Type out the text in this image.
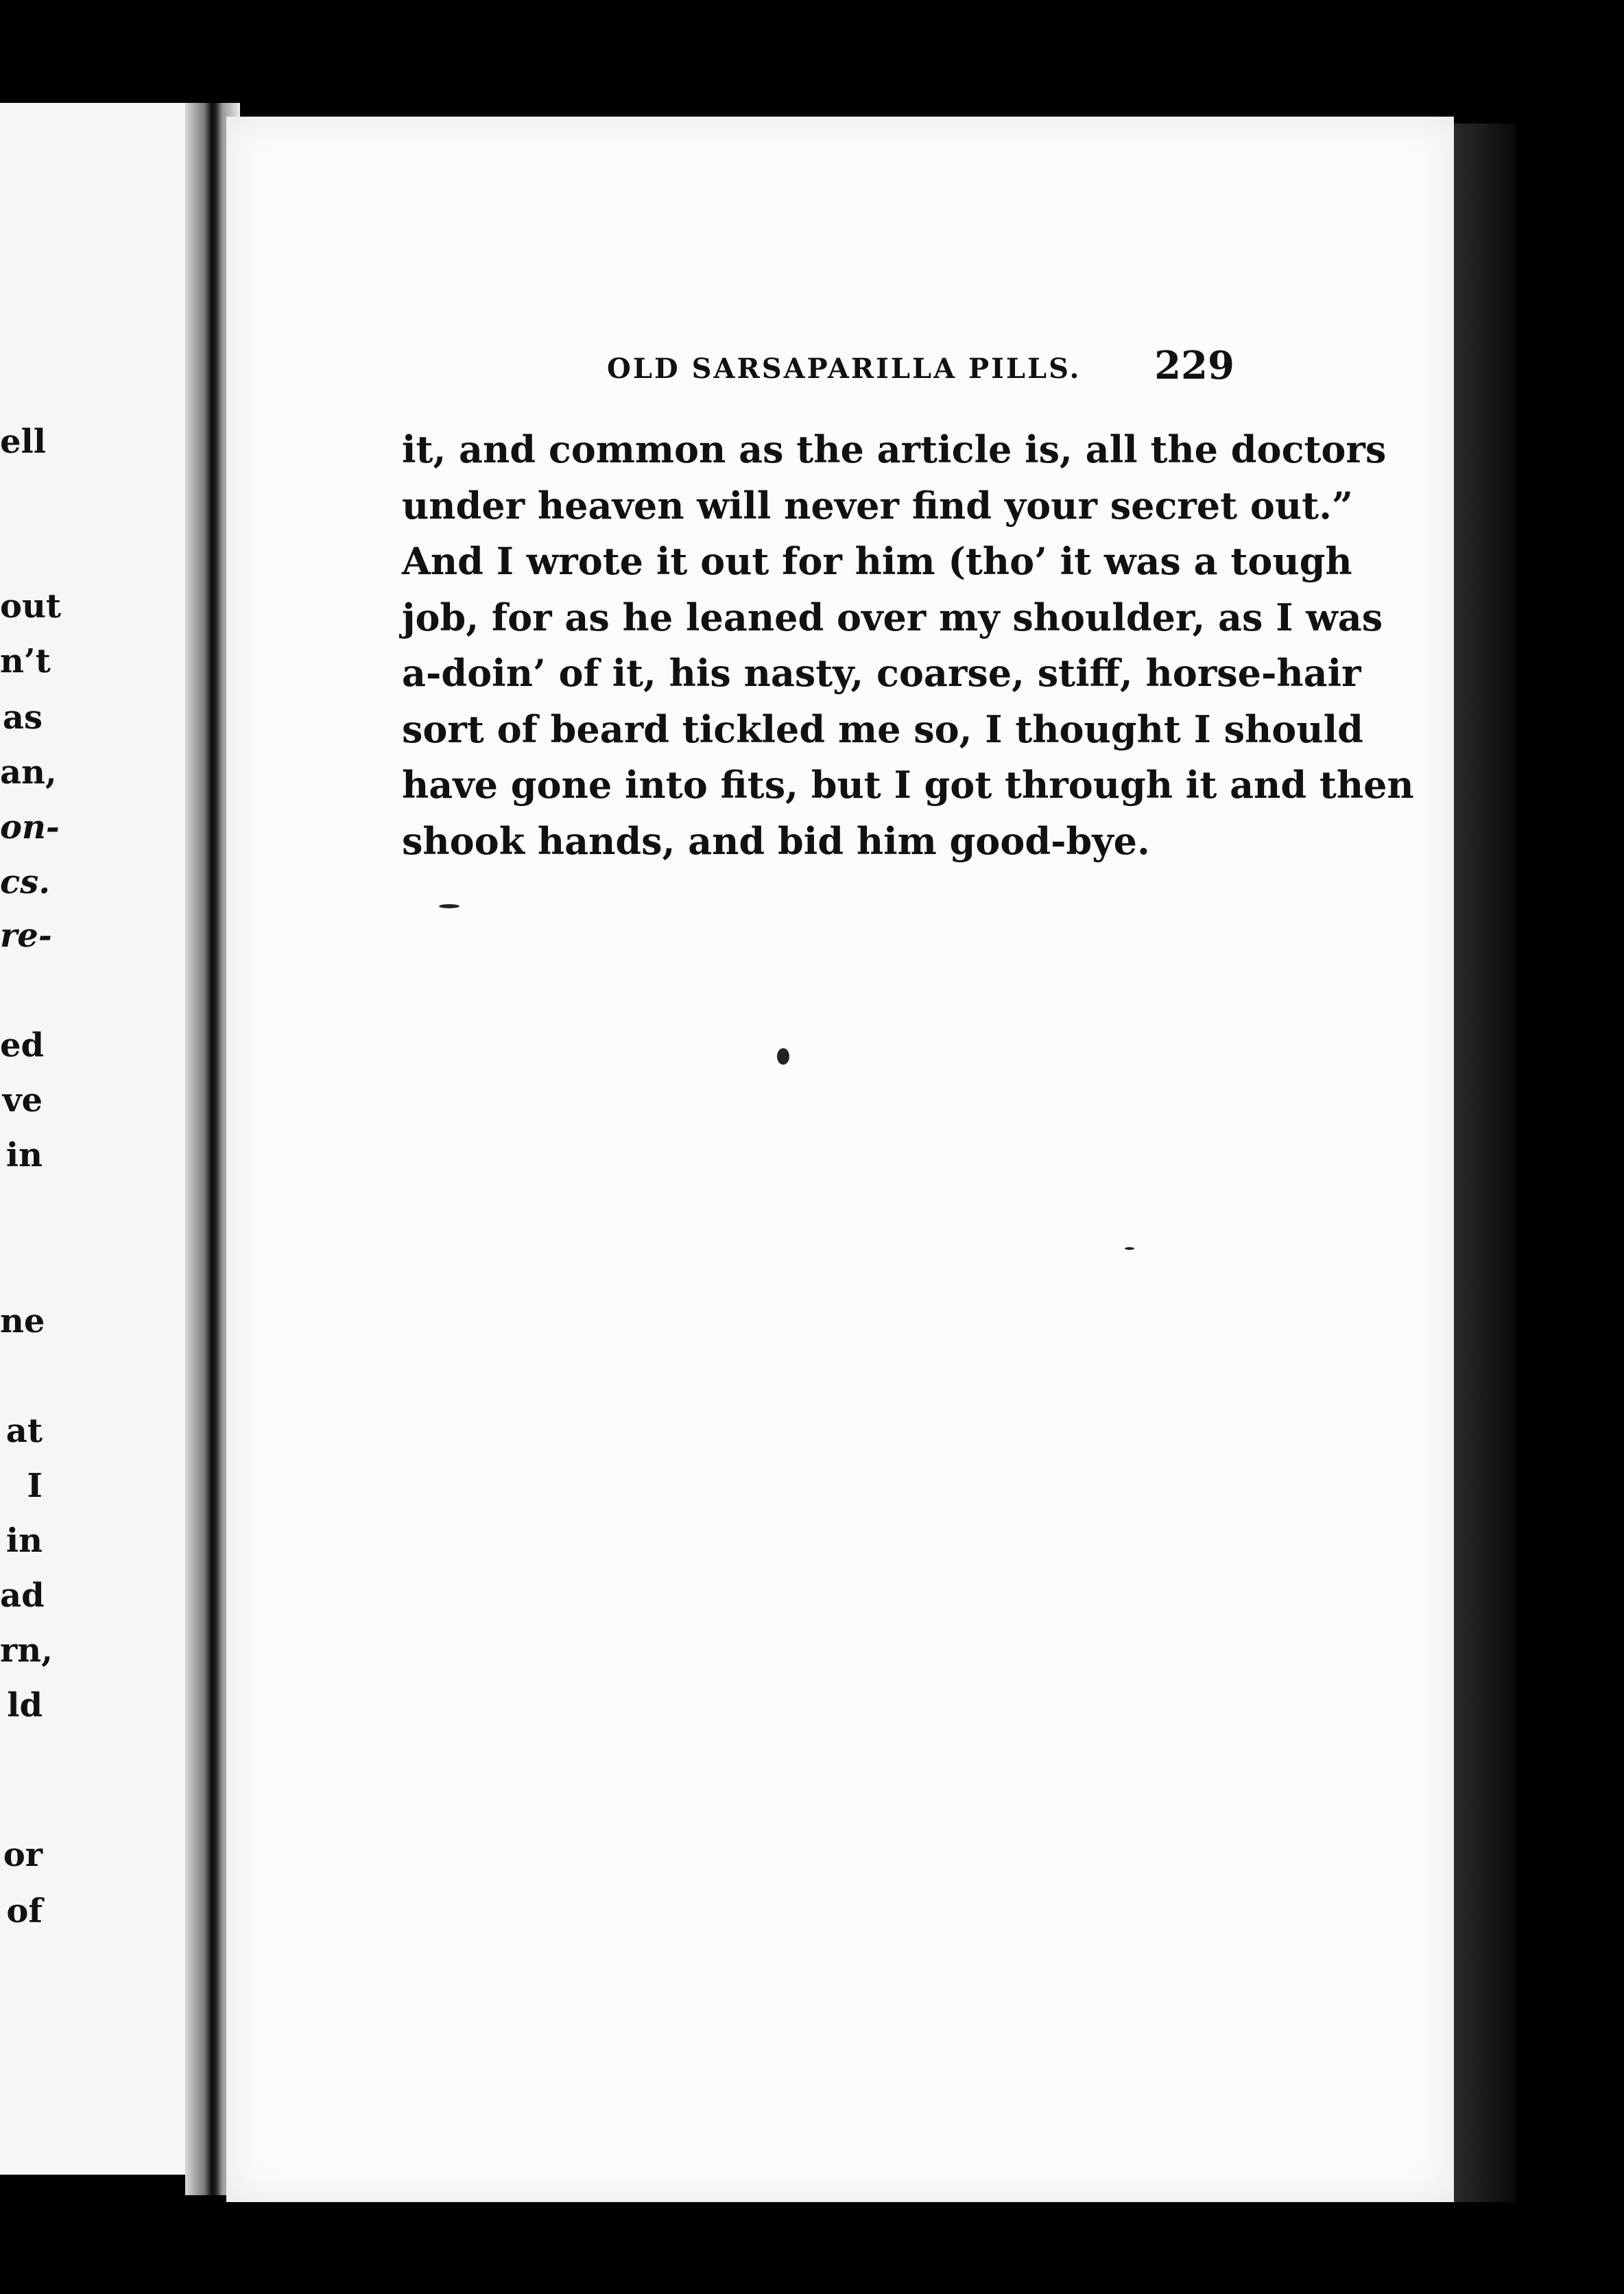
ell
out
n’t
as
an,
on-
cs.
re-
ed
ve
in
ne
at
I
in
ad
rn,
ld
or
of
OLD SARSAPARILLA PILLS. 229
it, and common as the article is, all the doctors
under heaven will never find your secret out.”
And I wrote it out for him (tho’ it was a tough
job, for as he leaned over my shoulder, as I was
a-doin’ of it, his nasty, coarse, stiff, horse-hair
sort of beard tickled me so, I thought I should
have gone into fits, but I got through it and then
shook hands, and bid him good-bye.
